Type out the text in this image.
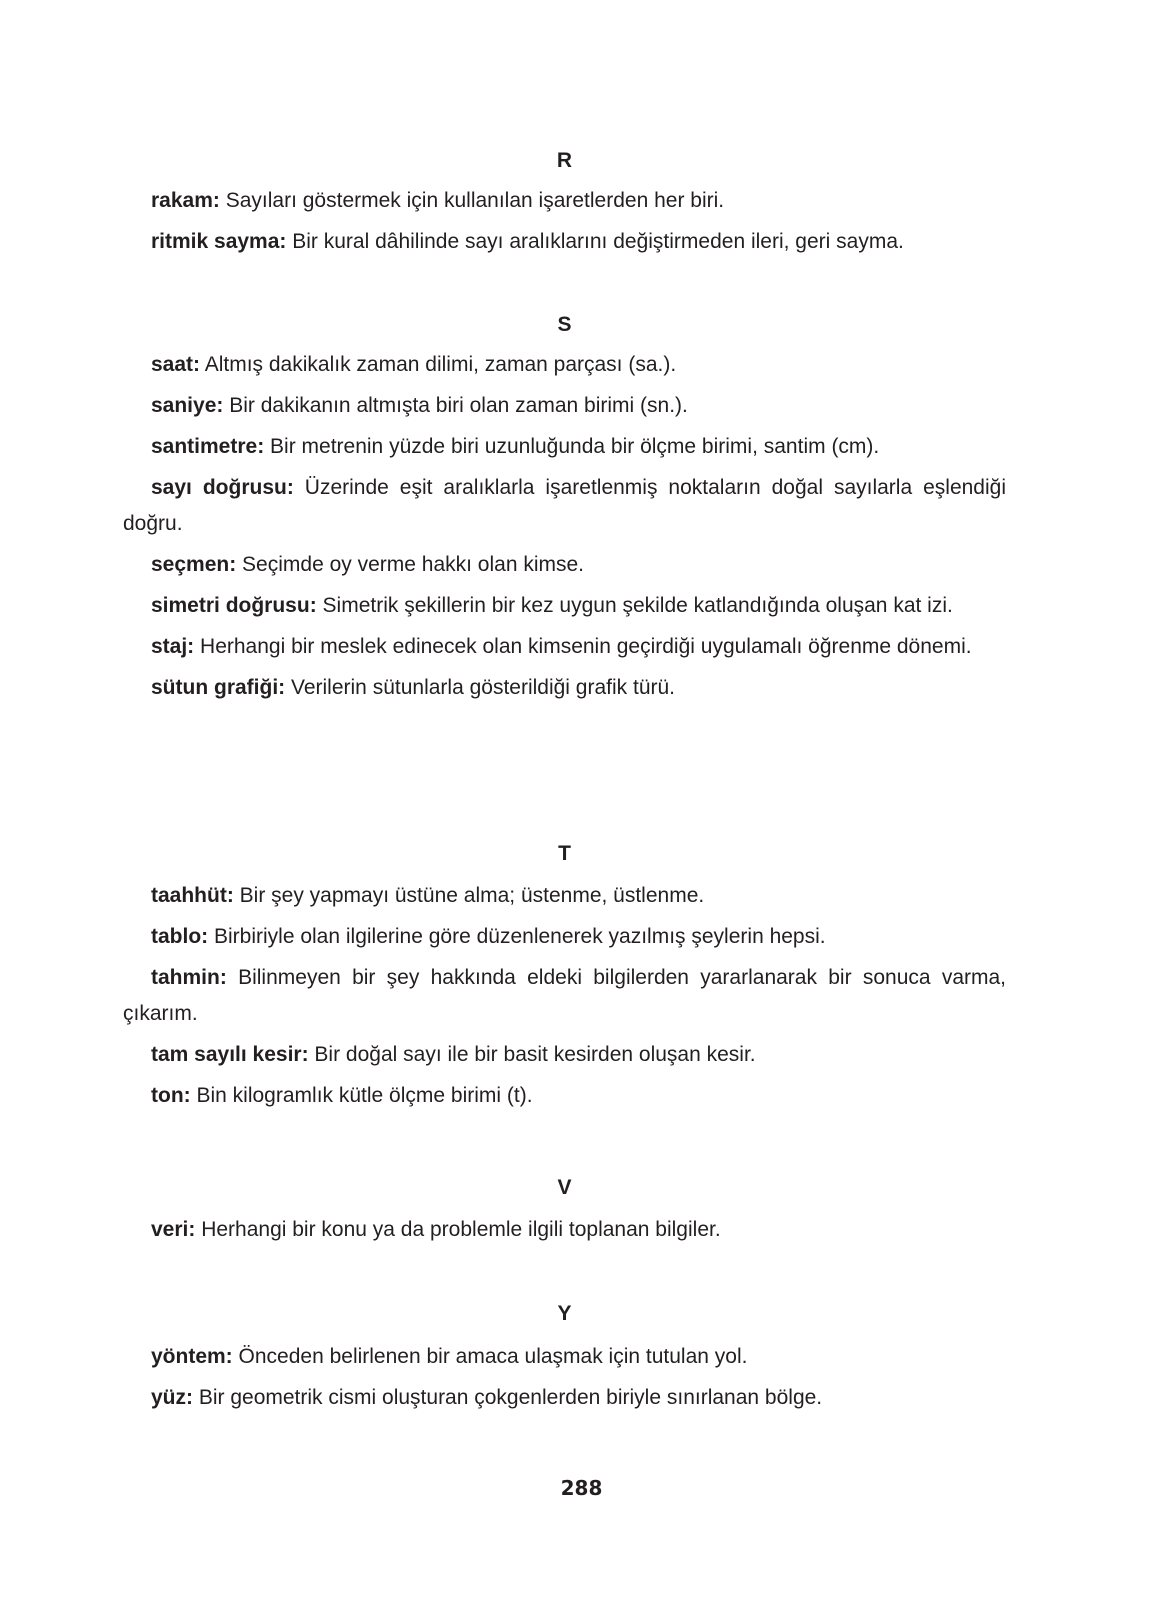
R

rakam: Sayıları göstermek için kullanılan işaretlerden her biri.

ritmik sayma: Bir kural dâhilinde sayı aralıklarını değiştirmeden ileri, geri sayma.

S

saat: Altmış dakikalık zaman dilimi, zaman parçası (sa.).

saniye: Bir dakikanın altmışta biri olan zaman birimi (sn.).

santimetre: Bir metrenin yüzde biri uzunluğunda bir ölçme birimi, santim (cm).

sayı doğrusu: Üzerinde eşit aralıklarla işaretlenmiş noktaların doğal sayılarla eşlendiği doğru.

seçmen: Seçimde oy verme hakkı olan kimse.

simetri doğrusu: Simetrik şekillerin bir kez uygun şekilde katlandığında oluşan kat izi.

staj: Herhangi bir meslek edinecek olan kimsenin geçirdiği uygulamalı öğrenme dönemi.

sütun grafiği: Verilerin sütunlarla gösterildiği grafik türü.

T

taahhüt: Bir şey yapmayı üstüne alma; üstenme, üstlenme.

tablo: Birbiriyle olan ilgilerine göre düzenlenerek yazılmış şeylerin hepsi.

tahmin: Bilinmeyen bir şey hakkında eldeki bilgilerden yararlanarak bir sonuca varma, çıkarım.

tam sayılı kesir: Bir doğal sayı ile bir basit kesirden oluşan kesir.

ton: Bin kilogramlık kütle ölçme birimi (t).

V

veri: Herhangi bir konu ya da problemle ilgili toplanan bilgiler.

Y

yöntem: Önceden belirlenen bir amaca ulaşmak için tutulan yol.

yüz: Bir geometrik cismi oluşturan çokgenlerden biriyle sınırlanan bölge.

288
